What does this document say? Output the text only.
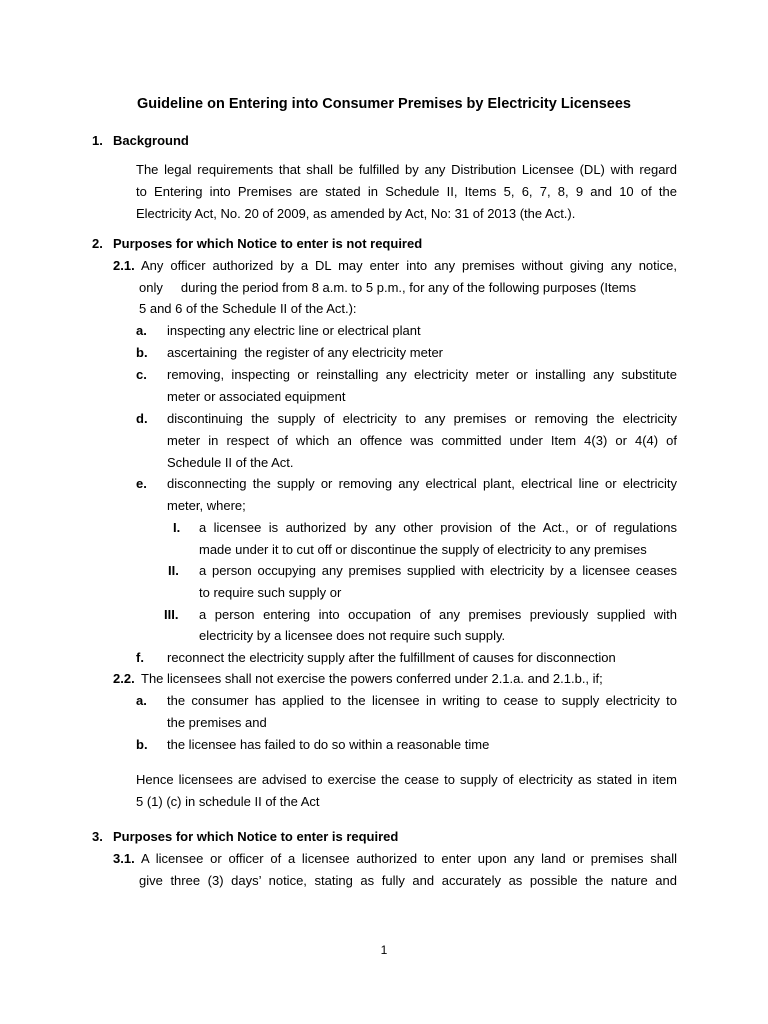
Guideline on Entering into Consumer Premises by Electricity Licensees
1. Background
The legal requirements that shall be fulfilled by any Distribution Licensee (DL) with regard
to Entering into Premises are stated in Schedule II, Items 5, 6, 7, 8, 9 and 10 of the
Electricity Act, No. 20 of 2009, as amended by Act, No: 31 of 2013 (the Act.).
2. Purposes for which Notice to enter is not required
2.1. Any officer authorized by a DL may enter into any premises without giving any notice,
only     during the period from 8 a.m. to 5 p.m., for any of the following purposes (Items
5 and 6 of the Schedule II of the Act.):
a. inspecting any electric line or electrical plant
b. ascertaining  the register of any electricity meter
c. removing, inspecting or reinstalling any electricity meter or installing any substitute
meter or associated equipment
d. discontinuing the supply of electricity to any premises or removing the electricity
meter in respect of which an offence was committed under Item 4(3) or 4(4) of
Schedule II of the Act.
e. disconnecting the supply or removing any electrical plant, electrical line or electricity
meter, where;
I. a licensee is authorized by any other provision of the Act., or of regulations
made under it to cut off or discontinue the supply of electricity to any premises
II. a person occupying any premises supplied with electricity by a licensee ceases
to require such supply or
III. a person entering into occupation of any premises previously supplied with
electricity by a licensee does not require such supply.
f. reconnect the electricity supply after the fulfillment of causes for disconnection
2.2. The licensees shall not exercise the powers conferred under 2.1.a. and 2.1.b., if;
a. the consumer has applied to the licensee in writing to cease to supply electricity to
the premises and
b. the licensee has failed to do so within a reasonable time
Hence licensees are advised to exercise the cease to supply of electricity as stated in item
5 (1) (c) in schedule II of the Act
3. Purposes for which Notice to enter is required
3.1. A licensee or officer of a licensee authorized to enter upon any land or premises shall
give three (3) days’ notice, stating as fully and accurately as possible the nature and
1
